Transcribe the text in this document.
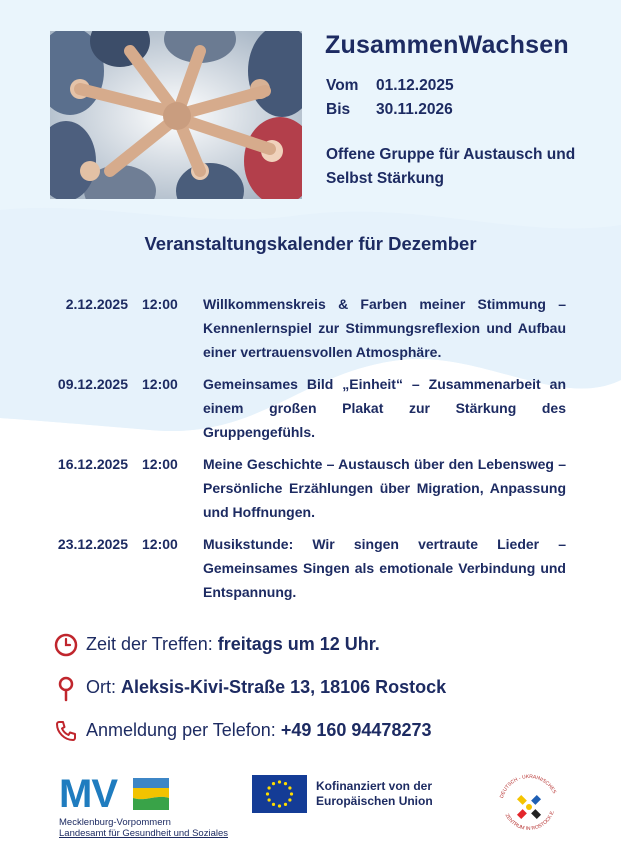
ZusammenWachsen
Vom 01.12.2025
Bis 30.11.2026
Offene Gruppe für Austausch und Selbst Stärkung
Veranstaltungskalender für Dezember
2.12.2025 12:00 Willkommenskreis & Farben meiner Stimmung – Kennenlernspiel zur Stimmungsreflexion und Aufbau einer vertrauensvollen Atmosphäre.
09.12.2025 12:00 Gemeinsames Bild „Einheit“ – Zusammenarbeit an einem großen Plakat zur Stärkung des Gruppengefühls.
16.12.2025 12:00 Meine Geschichte – Austausch über den Lebensweg – Persönliche Erzählungen über Migration, Anpassung und Hoffnungen.
23.12.2025 12:00 Musikstunde: Wir singen vertraute Lieder – Gemeinsames Singen als emotionale Verbindung und Entspannung.
Zeit der Treffen: freitags um 12 Uhr.
Ort: Aleksis-Kivi-Straße 13, 18106 Rostock
Anmeldung per Telefon: +49 160 94478273
MV
Mecklenburg-Vorpommern
Landesamt für Gesundheit und Soziales
Kofinanziert von der
Europäischen Union	DEUTSCH - UKRAINISCHES
ZENTRUM IN ROSTOCK E.
